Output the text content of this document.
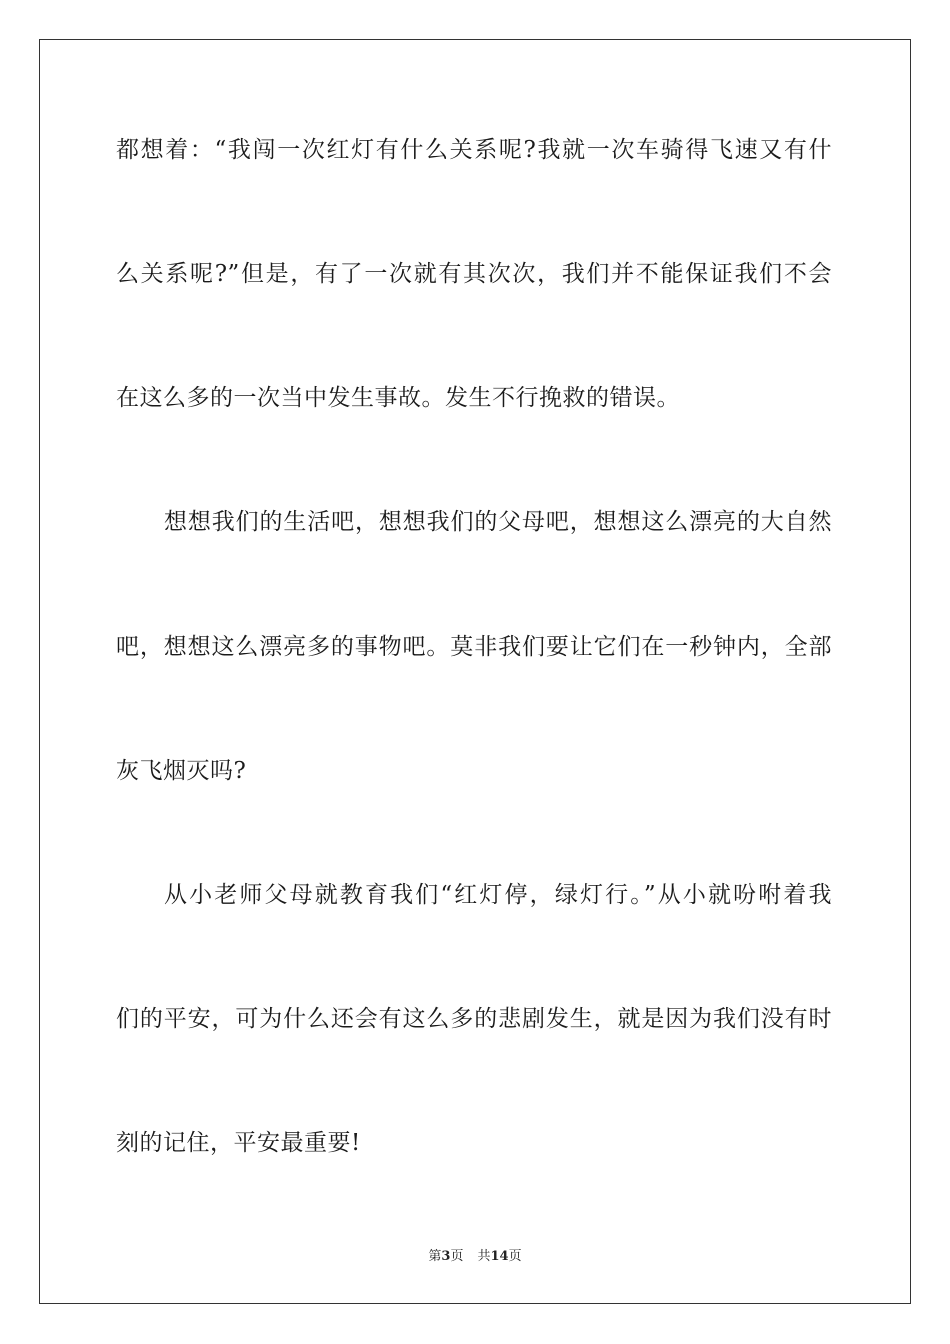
都想着：“我闯一次红灯有什么关系呢?我就一次车骑得飞速又有什
么关系呢?”但是，有了一次就有其次次，我们并不能保证我们不会
在这么多的一次当中发生事故。发生不行挽救的错误。
想想我们的生活吧，想想我们的父母吧，想想这么漂亮的大自然
吧，想想这么漂亮多的事物吧。莫非我们要让它们在一秒钟内，全部
灰飞烟灭吗?
从小老师父母就教育我们“红灯停，绿灯行。”从小就吩咐着我
们的平安，可为什么还会有这么多的悲剧发生，就是因为我们没有时
刻的记住，平安最重要!
第3页 共14页
